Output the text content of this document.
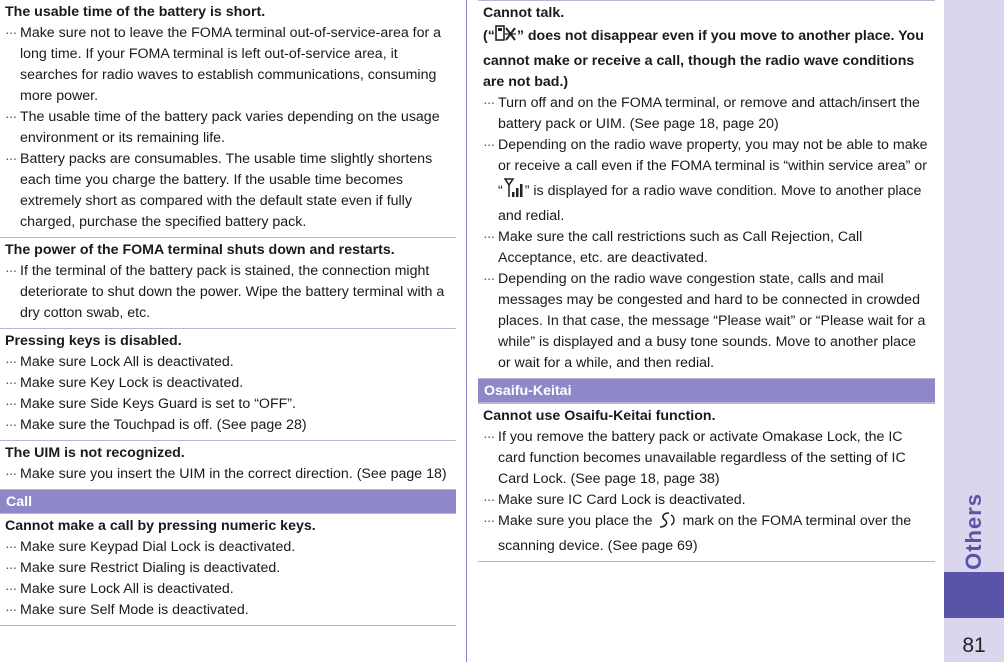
The usable time of the battery is short.
··· Make sure not to leave the FOMA terminal out-of-service-area for a long time. If your FOMA terminal is left out-of-service area, it searches for radio waves to establish communications, consuming more power.
··· The usable time of the battery pack varies depending on the usage environment or its remaining life.
··· Battery packs are consumables. The usable time slightly shortens each time you charge the battery. If the usable time becomes extremely short as compared with the default state even if fully charged, purchase the specified battery pack.
The power of the FOMA terminal shuts down and restarts.
··· If the terminal of the battery pack is stained, the connection might deteriorate to shut down the power. Wipe the battery terminal with a dry cotton swab, etc.
Pressing keys is disabled.
··· Make sure Lock All is deactivated.
··· Make sure Key Lock is deactivated.
··· Make sure Side Keys Guard is set to “OFF”.
··· Make sure the Touchpad is off. (See page 28)
The UIM is not recognized.
··· Make sure you insert the UIM in the correct direction. (See page 18)
Call
Cannot make a call by pressing numeric keys.
··· Make sure Keypad Dial Lock is deactivated.
··· Make sure Restrict Dialing is deactivated.
··· Make sure Lock All is deactivated.
··· Make sure Self Mode is deactivated.
Cannot talk.
(“ ” does not disappear even if you move to another place. You cannot make or receive a call, though the radio wave conditions are not bad.)
··· Turn off and on the FOMA terminal, or remove and attach/insert the battery pack or UIM. (See page 18, page 20)
··· Depending on the radio wave property, you may not be able to make or receive a call even if the FOMA terminal is “within service area” or “ ” is displayed for a radio wave condition. Move to another place and redial.
··· Make sure the call restrictions such as Call Rejection, Call Acceptance, etc. are deactivated.
··· Depending on the radio wave congestion state, calls and mail messages may be congested and hard to be connected in crowded places. In that case, the message “Please wait” or “Please wait for a while” is displayed and a busy tone sounds. Move to another place or wait for a while, and then redial.
Osaifu-Keitai
Cannot use Osaifu-Keitai function.
··· If you remove the battery pack or activate Omakase Lock, the IC card function becomes unavailable regardless of the setting of IC Card Lock. (See page 18, page 38)
··· Make sure IC Card Lock is deactivated.
··· Make sure you place the  mark on the FOMA terminal over the scanning device. (See page 69)	Others
81
